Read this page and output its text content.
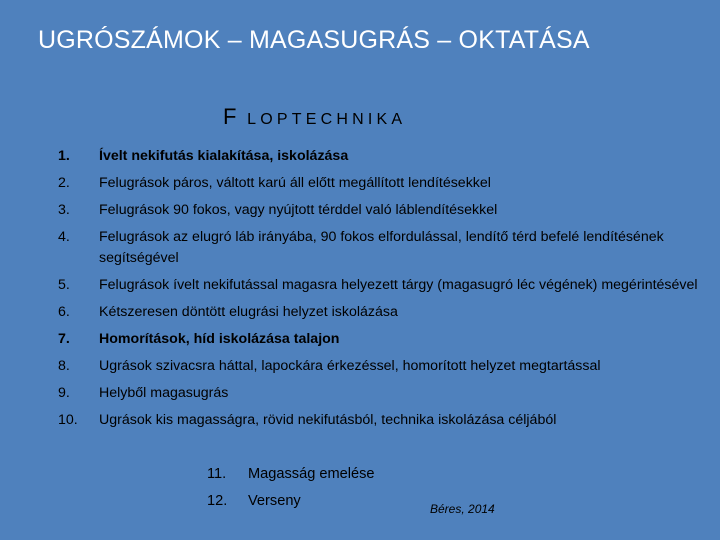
UGRÓSZÁMOK – MAGASUGRÁS – OKTATÁSA
F LOPTECHNIKA
1.	Ívelt nekifutás kialakítása, iskolázása
2.	Felugrások páros, váltott karú áll előtt megállított lendítésekkel
3.	Felugrások 90 fokos, vagy nyújtott térddel való láblendítésekkel
4.	Felugrások az elugró láb irányába, 90 fokos elfordulással, lendítő térd befelé lendítésének segítségével
5.	Felugrások ívelt nekifutással magasra helyezett tárgy (magasugró léc végének) megérintésével
6.	Kétszeresen döntött elugrási helyzet iskolázása
7.	Homorítások, híd iskolázása talajon
8.	Ugrások szivacsra háttal, lapockára érkezéssel, homorított helyzet megtartással
9.	Helyből magasugrás
10.	Ugrások kis magasságra, rövid nekifutásból, technika iskolázása céljából
11.	Magasság emelése
12.	Verseny	Béres, 2014
